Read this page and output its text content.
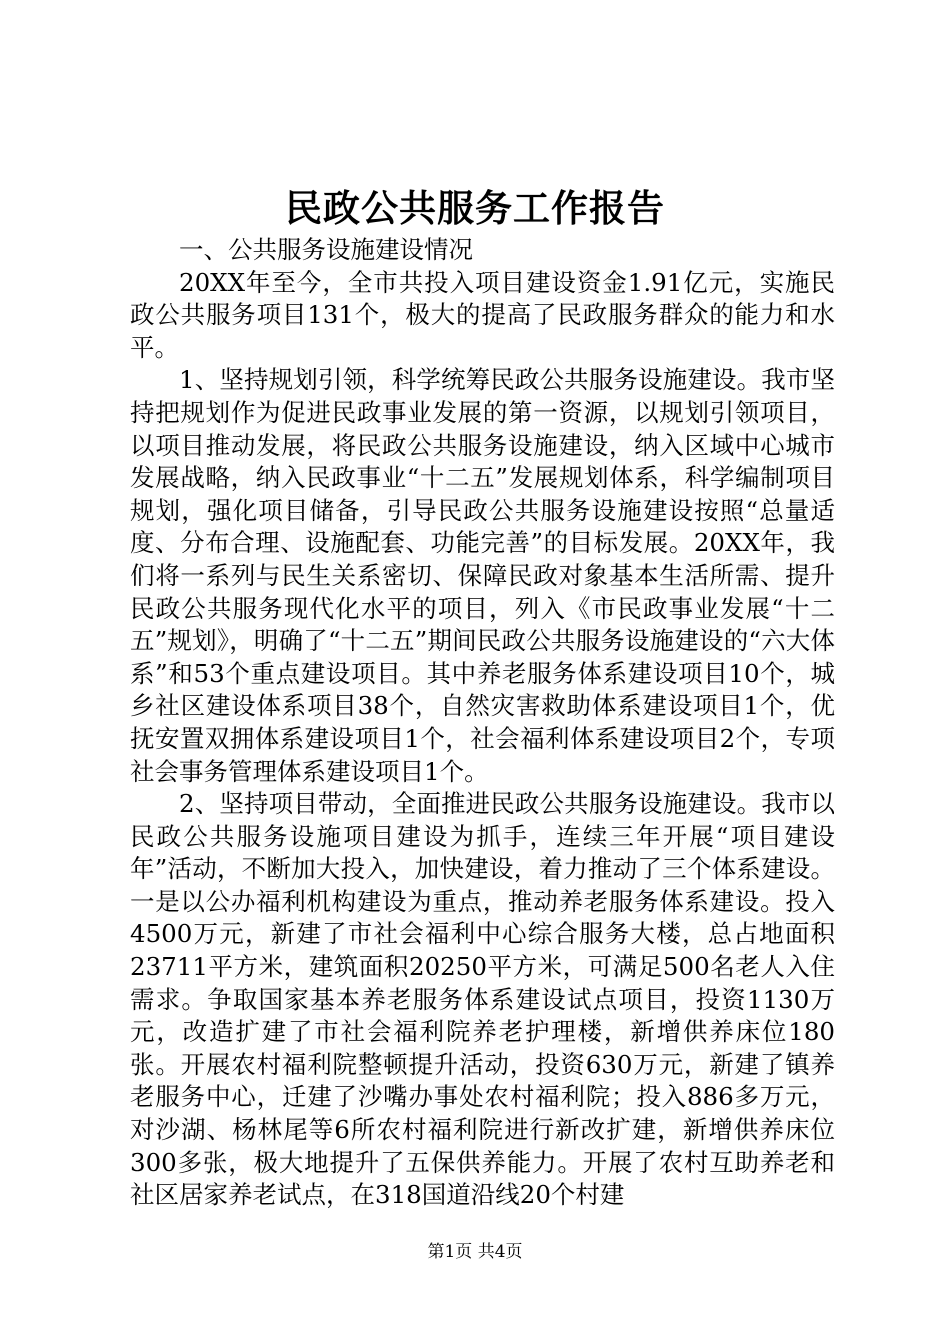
民政公共服务工作报告

一、公共服务设施建设情况

20XX年至今，全市共投入项目建设资金1.91亿元，实施民政公共服务项目131个，极大的提高了民政服务群众的能力和水平。

1、坚持规划引领，科学统筹民政公共服务设施建设。我市坚持把规划作为促进民政事业发展的第一资源，以规划引领项目，以项目推动发展，将民政公共服务设施建设，纳入区域中心城市发展战略，纳入民政事业“十二五”发展规划体系，科学编制项目规划，强化项目储备，引导民政公共服务设施建设按照“总量适度、分布合理、设施配套、功能完善”的目标发展。20XX年，我们将一系列与民生关系密切、保障民政对象基本生活所需、提升民政公共服务现代化水平的项目，列入《市民政事业发展“十二五”规划》，明确了“十二五”期间民政公共服务设施建设的“六大体系”和53个重点建设项目。其中养老服务体系建设项目10个，城乡社区建设体系项目38个，自然灾害救助体系建设项目1个，优抚安置双拥体系建设项目1个，社会福利体系建设项目2个，专项社会事务管理体系建设项目1个。

2、坚持项目带动，全面推进民政公共服务设施建设。我市以民政公共服务设施项目建设为抓手，连续三年开展“项目建设年”活动，不断加大投入，加快建设，着力推动了三个体系建设。一是以公办福利机构建设为重点，推动养老服务体系建设。投入4500万元，新建了市社会福利中心综合服务大楼，总占地面积23711平方米，建筑面积20250平方米，可满足500名老人入住需求。争取国家基本养老服务体系建设试点项目，投资1130万元，改造扩建了市社会福利院养老护理楼，新增供养床位180张。开展农村福利院整顿提升活动，投资630万元，新建了镇养老服务中心，迁建了沙嘴办事处农村福利院；投入886多万元，对沙湖、杨林尾等6所农村福利院进行新改扩建，新增供养床位300多张，极大地提升了五保供养能力。开展了农村互助养老和社区居家养老试点，在318国道沿线20个村建

第1页 共4页
